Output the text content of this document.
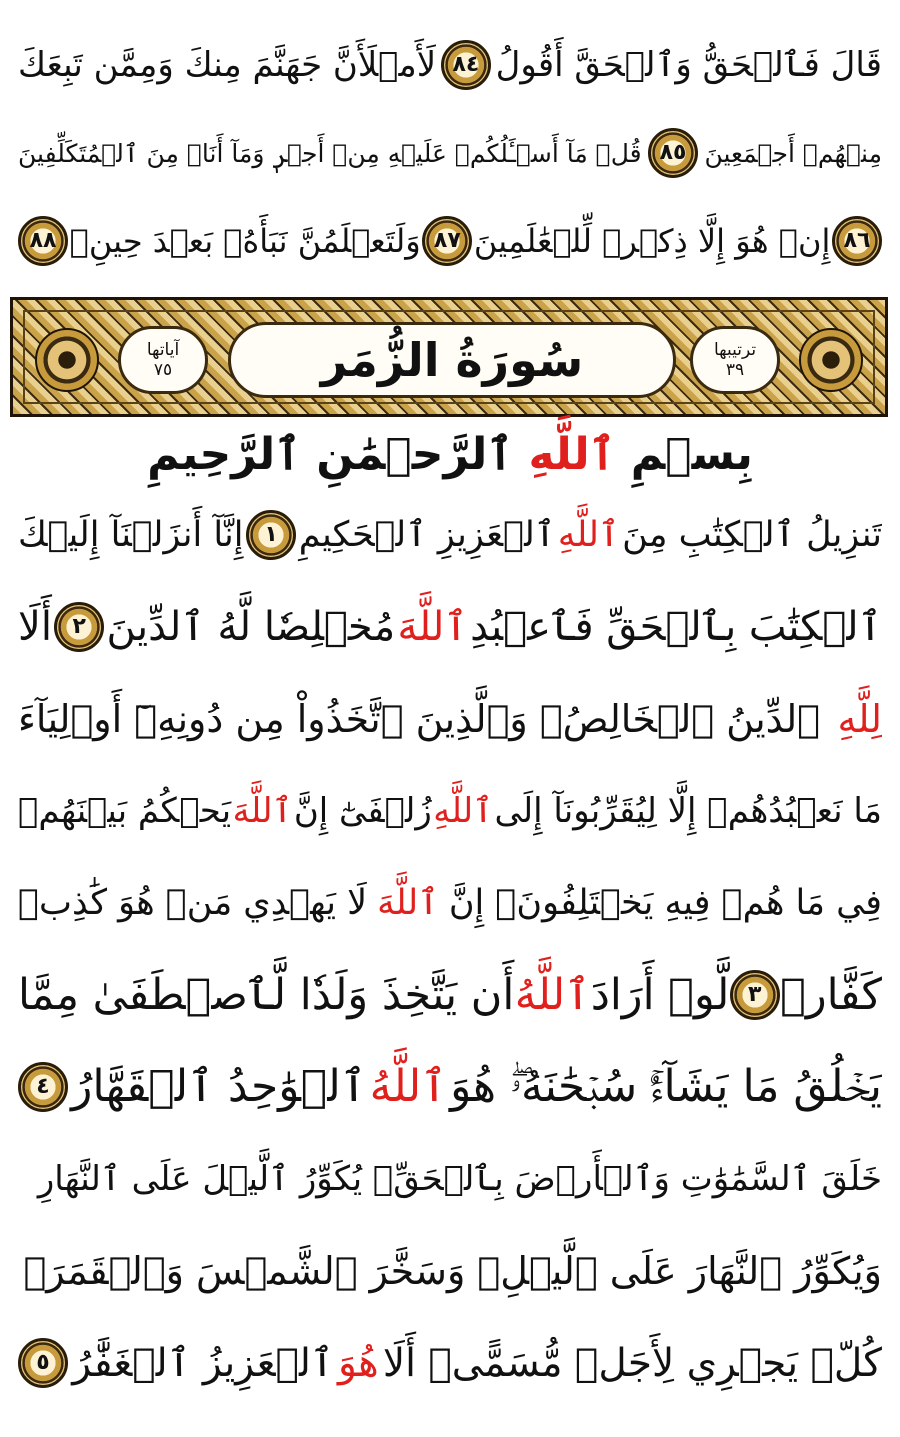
قَالَ فَٱلۡحَقُّ وَٱلۡحَقَّ أَقُولُ
٨٤
لَأَمۡلَأَنَّ جَهَنَّمَ مِنكَ وَمِمَّن تَبِعَكَ
مِنۡهُمۡ أَجۡمَعِينَ
٨٥
قُلۡ مَآ أَسۡـَٔلُكُمۡ عَلَيۡهِ مِنۡ أَجۡرٖ وَمَآ أَنَا۠ مِنَ ٱلۡمُتَكَلِّفِينَ
٨٦
إِنۡ هُوَ إِلَّا ذِكۡرٞ لِّلۡعَٰلَمِينَ
٨٧
وَلَتَعۡلَمُنَّ نَبَأَهُۥ بَعۡدَ حِينِۭ
٨٨
ترتيبها
٣٩
سُورَةُ الزُّمَر
آياتها
٧٥
بِسۡمِ ٱللَّهِ ٱلرَّحۡمَٰنِ ٱلرَّحِيمِ
تَنزِيلُ ٱلۡكِتَٰبِ مِنَ
ٱللَّهِ
ٱلۡعَزِيزِ ٱلۡحَكِيمِ
١
إِنَّآ أَنزَلۡنَآ إِلَيۡكَ
ٱلۡكِتَٰبَ بِٱلۡحَقِّ فَٱعۡبُدِ
ٱللَّهَ
مُخۡلِصٗا لَّهُ ٱلدِّينَ
٢
أَلَا
لِلَّهِ
ٱلدِّينُ ٱلۡخَالِصُۚ وَٱلَّذِينَ ٱتَّخَذُواْ مِن دُونِهِۦٓ أَوۡلِيَآءَ
مَا نَعۡبُدُهُمۡ إِلَّا لِيُقَرِّبُونَآ إِلَى
ٱللَّهِ
زُلۡفَىٰٓ إِنَّ
ٱللَّهَ
يَحۡكُمُ بَيۡنَهُمۡ
فِي مَا هُمۡ فِيهِ يَخۡتَلِفُونَۗ إِنَّ
ٱللَّهَ
لَا يَهۡدِي مَنۡ هُوَ كَٰذِبٞ
كَفَّارٞ
٣
لَّوۡ أَرَادَ
ٱللَّهُ
أَن يَتَّخِذَ وَلَدٗا لَّٱصۡطَفَىٰ مِمَّا
يَخۡلُقُ مَا يَشَآءُۚ سُبۡحَٰنَهُۥۖ هُوَ
ٱللَّهُ
ٱلۡوَٰحِدُ ٱلۡقَهَّارُ
٤
خَلَقَ ٱلسَّمَٰوَٰتِ وَٱلۡأَرۡضَ بِٱلۡحَقِّۖ يُكَوِّرُ ٱلَّيۡلَ عَلَى ٱلنَّهَارِ
وَيُكَوِّرُ ٱلنَّهَارَ عَلَى ٱلَّيۡلِۖ وَسَخَّرَ ٱلشَّمۡسَ وَٱلۡقَمَرَۖ
كُلّٞ يَجۡرِي لِأَجَلٖ مُّسَمًّىۗ أَلَا
هُوَ
ٱلۡعَزِيزُ ٱلۡغَفَّٰرُ
٥
